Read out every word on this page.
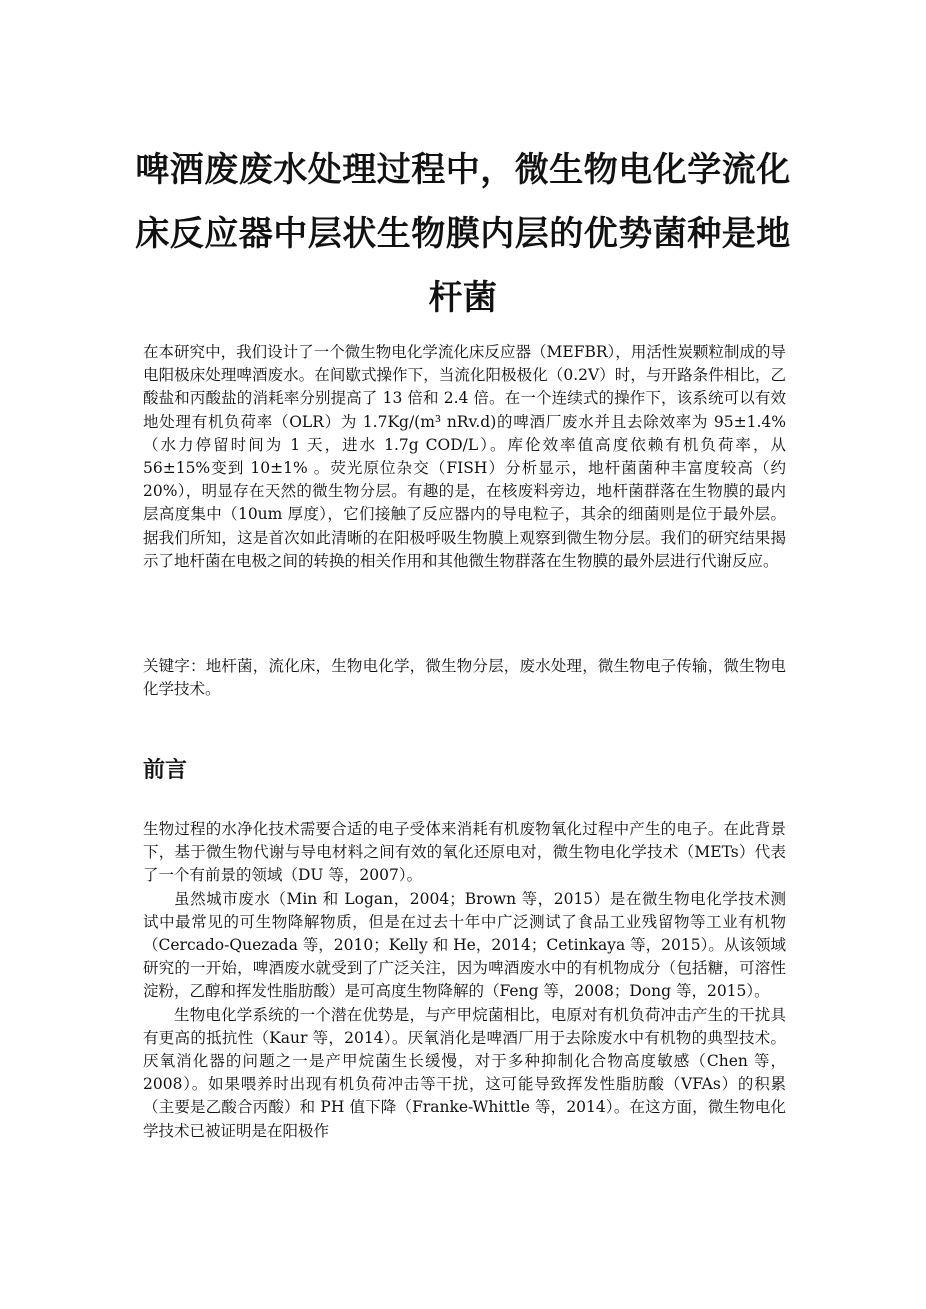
啤酒废废水处理过程中，微生物电化学流化床反应器中层状生物膜内层的优势菌种是地杆菌

在本研究中，我们设计了一个微生物电化学流化床反应器（MEFBR），用活性炭颗粒制成的导电阳极床处理啤酒废水。在间歇式操作下，当流化阳极极化（0.2V）时，与开路条件相比，乙酸盐和丙酸盐的消耗率分别提高了 13 倍和 2.4 倍。在一个连续式的操作下，该系统可以有效地处理有机负荷率（OLR）为 1.7Kg/(m³ nRv.d)的啤酒厂废水并且去除效率为 95±1.4%（水力停留时间为 1 天，进水 1.7g COD/L）。库伦效率值高度依赖有机负荷率，从 56±15%变到 10±1% 。荧光原位杂交（FISH）分析显示，地杆菌菌种丰富度较高（约 20%），明显存在天然的微生物分层。有趣的是，在核废料旁边，地杆菌群落在生物膜的最内层高度集中（10um 厚度），它们接触了反应器内的导电粒子，其余的细菌则是位于最外层。据我们所知，这是首次如此清晰的在阳极呼吸生物膜上观察到微生物分层。我们的研究结果揭示了地杆菌在电极之间的转换的相关作用和其他微生物群落在生物膜的最外层进行代谢反应。

关键字：地杆菌，流化床，生物电化学，微生物分层，废水处理，微生物电子传输，微生物电化学技术。

前言

生物过程的水净化技术需要合适的电子受体来消耗有机废物氧化过程中产生的电子。在此背景下，基于微生物代谢与导电材料之间有效的氧化还原电对，微生物电化学技术（METs）代表了一个有前景的领域（DU 等，2007）。

虽然城市废水（Min 和 Logan，2004；Brown 等，2015）是在微生物电化学技术测试中最常见的可生物降解物质，但是在过去十年中广泛测试了食品工业残留物等工业有机物（Cercado-Quezada 等，2010；Kelly 和 He，2014；Cetinkaya 等，2015）。从该领域研究的一开始，啤酒废水就受到了广泛关注，因为啤酒废水中的有机物成分（包括糖，可溶性淀粉，乙醇和挥发性脂肪酸）是可高度生物降解的（Feng 等，2008；Dong 等，2015）。

生物电化学系统的一个潜在优势是，与产甲烷菌相比，电原对有机负荷冲击产生的干扰具有更高的抵抗性（Kaur 等，2014）。厌氧消化是啤酒厂用于去除废水中有机物的典型技术。厌氧消化器的问题之一是产甲烷菌生长缓慢，对于多种抑制化合物高度敏感（Chen 等，2008）。如果喂养时出现有机负荷冲击等干扰，这可能导致挥发性脂肪酸（VFAs）的积累（主要是乙酸合丙酸）和 PH 值下降（Franke-Whittle 等，2014）。在这方面，微生物电化学技术已被证明是在阳极作
